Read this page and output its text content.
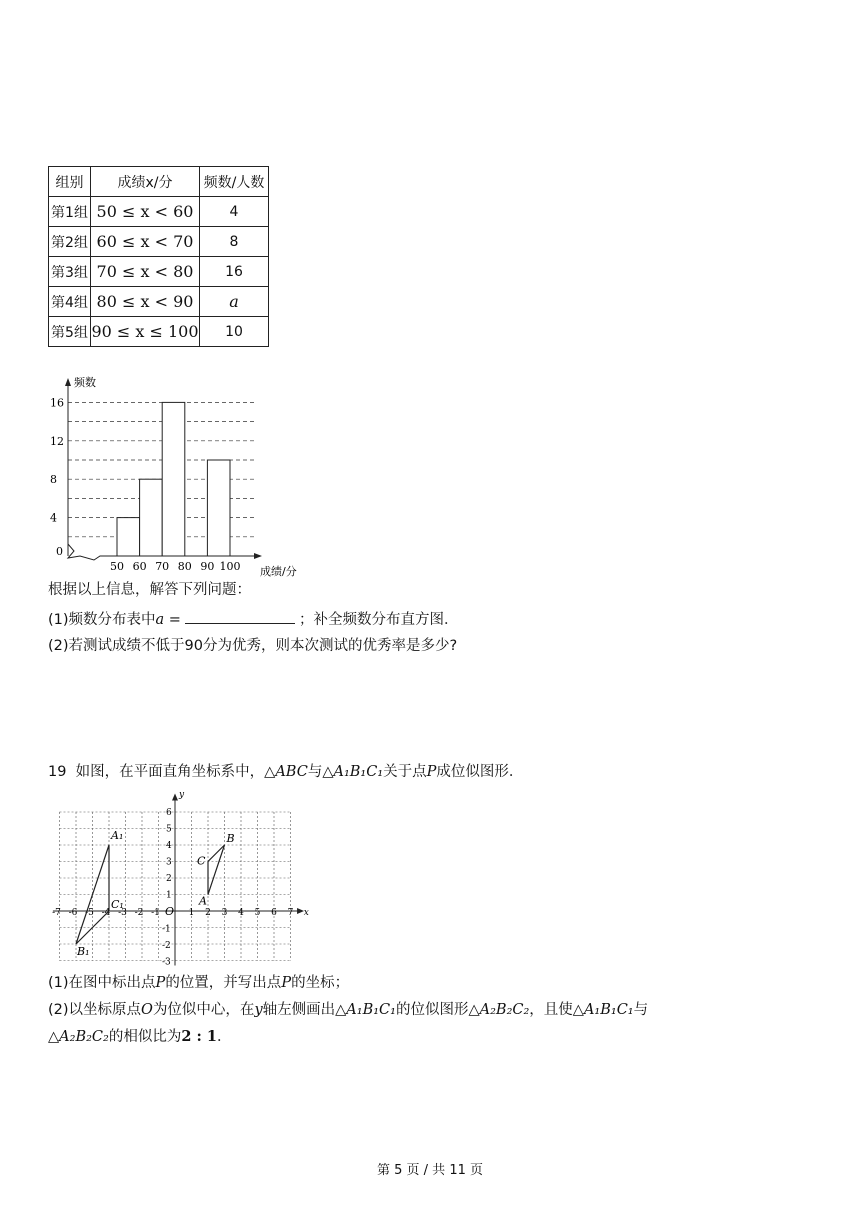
组别	成绩x/分	频数/人数
第1组	50 ≤ x < 60	4
第2组	60 ≤ x < 70	8
第3组	70 ≤ x < 80	16
第4组	80 ≤ x < 90	a
第5组	90 ≤ x ≤ 100	10
0
频数
成绩/分
4
8
12
16
50 60 70 80 90 100
根据以上信息，解答下列问题：
(1)频数分布表中a =	；补全频数分布直方图．
(2)若测试成绩不低于90分为优秀，则本次测试的优秀率是多少?
19 如图，在平面直角坐标系中，△ABC与△A₁B₁C₁关于点P成位似图形．
-7 -6 -5 -4 -3 -2 -1	1 2 3 4 5 6 7
1
2
3
4
5
6
-1
-2
-3
O	x
y
A
B
C
A₁
B₁
C₁
(1)在图中标出点P的位置，并写出点P的坐标；
(2)以坐标原点O为位似中心，在y轴左侧画出△A₁B₁C₁的位似图形△A₂B₂C₂，且使△A₁B₁C₁与
△A₂B₂C₂的相似比为2 : 1．
第 5 页 / 共 11 页
